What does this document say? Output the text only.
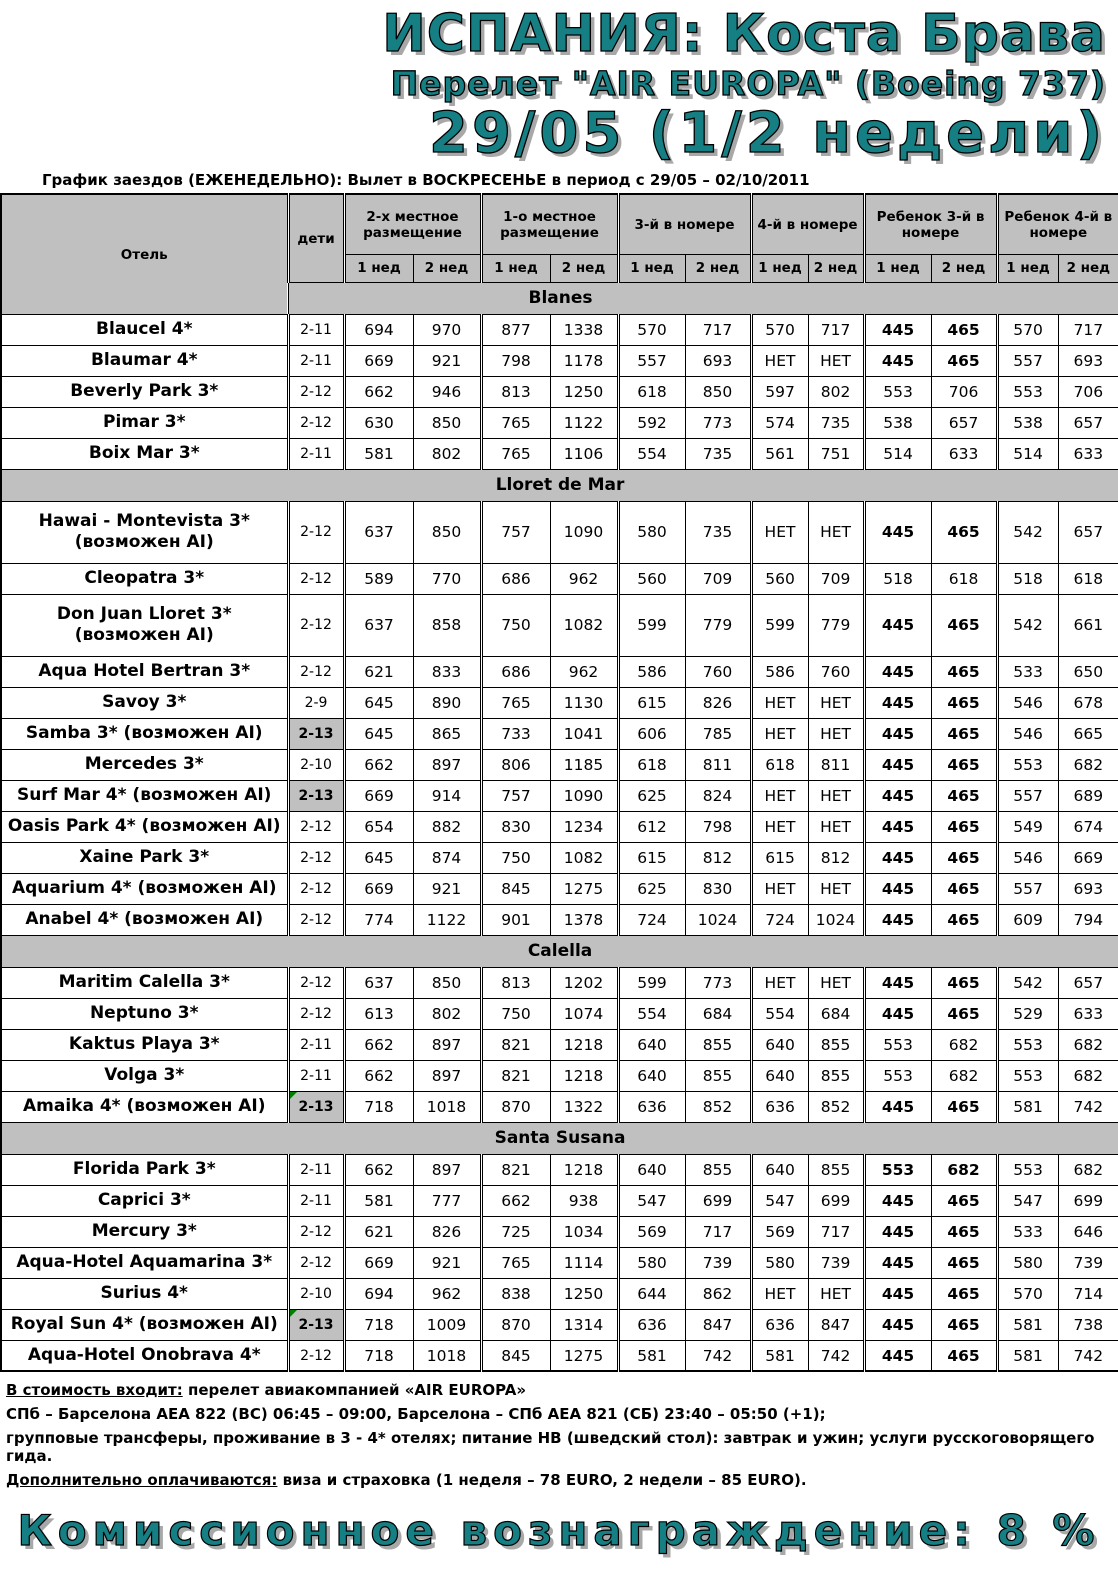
ИСПАНИЯ: Коста Брава
Перелет "AIR EUROPA" (Boeing 737)
29/05 (1/2 недели)
График заездов (ЕЖЕНЕДЕЛЬНО): Вылет в ВОСКРЕСЕНЬЕ в период с 29/05 – 02/10/2011
Отель	дети	2-х местное размещение		1-о местное размещение		3-й в номере		4-й в номере		Ребенок 3-й в номере		Ребенок 4-й в номере	
		1 нед	2 нед	1 нед	2 нед	1 нед	2 нед	1 нед	2 нед	1 нед	2 нед	1 нед	2 нед

Blanes												

Blaucel 4*	2-11	694	970	877	1338	570	717	570	717	445	465	570	717
Blaumar 4*	2-11	669	921	798	1178	557	693	НЕТ	НЕТ	445	465	557	693
Beverly Park 3*	2-12	662	946	813	1250	618	850	597	802	553	706	553	706
Pimar 3*	2-12	630	850	765	1122	592	773	574	735	538	657	538	657
Boix Mar 3*	2-11	581	802	765	1106	554	735	561	751	514	633	514	633
Lloret de Mar													

Hawai - Montevista 3*
(возможен AI)	2-12	637	850	757	1090	580	735	НЕТ	НЕТ	445	465	542	657
Cleopatra 3*	2-12	589	770	686	962	560	709	560	709	518	618	518	618

Don Juan Lloret 3*
(возможен AI)	2-12	637	858	750	1082	599	779	599	779	445	465	542	661
Aqua Hotel Bertran 3*	2-12	621	833	686	962	586	760	586	760	445	465	533	650
Savoy 3*	2-9	645	890	765	1130	615	826	НЕТ	НЕТ	445	465	546	678
Samba 3* (возможен AI)	2-13	645	865	733	1041	606	785	НЕТ	НЕТ	445	465	546	665
Mercedes 3*	2-10	662	897	806	1185	618	811	618	811	445	465	553	682
Surf Mar 4* (возможен AI)	2-13	669	914	757	1090	625	824	НЕТ	НЕТ	445	465	557	689
Oasis Park 4* (возможен AI)	2-12	654	882	830	1234	612	798	НЕТ	НЕТ	445	465	549	674
Xaine Park 3*	2-12	645	874	750	1082	615	812	615	812	445	465	546	669
Aquarium 4* (возможен AI)	2-12	669	921	845	1275	625	830	НЕТ	НЕТ	445	465	557	693
Anabel 4* (возможен AI)	2-12	774	1122	901	1378	724	1024	724	1024	445	465	609	794
Calella													
Maritim Calella 3*	2-12	637	850	813	1202	599	773	НЕТ	НЕТ	445	465	542	657
Neptuno 3*	2-12	613	802	750	1074	554	684	554	684	445	465	529	633
Kaktus Playa 3*	2-11	662	897	821	1218	640	855	640	855	553	682	553	682
Volga 3*	2-11	662	897	821	1218	640	855	640	855	553	682	553	682
Amaika 4* (возможен AI)	2-13	718	1018	870	1322	636	852	636	852	445	465	581	742
Santa Susana													
Florida Park 3*	2-11	662	897	821	1218	640	855	640	855	553	682	553	682
Caprici 3*	2-11	581	777	662	938	547	699	547	699	445	465	547	699
Mercury 3*	2-12	621	826	725	1034	569	717	569	717	445	465	533	646
Aqua-Hotel Aquamarina 3*	2-12	669	921	765	1114	580	739	580	739	445	465	580	739
Surius 4*	2-10	694	962	838	1250	644	862	НЕТ	НЕТ	445	465	570	714
Royal Sun 4* (возможен AI)	2-13	718	1009	870	1314	636	847	636	847	445	465	581	738
Aqua-Hotel Onobrava 4*	2-12	718	1018	845	1275	581	742	581	742	445	465	581	742
В стоимость входит: перелет авиакомпанией «AIR EUROPA»
СПб – Барселона AEA 822 (ВС) 06:45 – 09:00, Барселона – СПб AEA 821 (СБ) 23:40 – 05:50 (+1);
групповые трансферы, проживание в 3 - 4* отелях; питание HB (шведский стол): завтрак и ужин; услуги русскоговорящего гида.
Дополнительно оплачиваются: виза и страховка (1 неделя – 78 EURO, 2 недели – 85 EURO).
Комиссионное вознаграждение: 8 %
